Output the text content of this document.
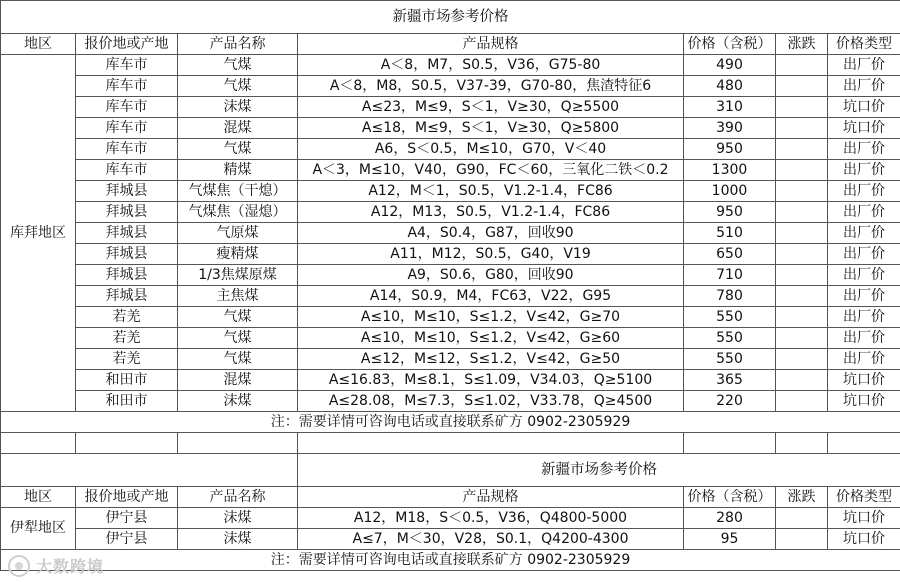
新疆市场参考价格						
地区	报价地或产地	产品名称	产品规格	价格（含税）	涨跌	价格类型
库拜地区	库车市	气煤	A＜8，M7，S0.5，V36，G75-80	490		出厂价
	库车市	气煤	A＜8，M8，S0.5，V37-39，G70-80，焦渣特征6	480		出厂价
	库车市	沫煤	A≤23，M≤9，S＜1，V≥30，Q≥5500	310		坑口价
	库车市	混煤	A≤18，M≤9，S＜1，V≥30，Q≥5800	390		坑口价
	库车市	气煤	A6，S＜0.5，M≤10，G70，V＜40	950		出厂价
	库车市	精煤	A＜3，M≤10，V40，G90，FC＜60，三氧化二铁＜0.2	1300		出厂价
	拜城县	气煤焦（干熄）	A12，M＜1，S0.5，V1.2-1.4，FC86	1000		出厂价
	拜城县	气煤焦（湿熄）	A12，M13，S0.5，V1.2-1.4，FC86	950		出厂价
	拜城县	气原煤	A4，S0.4，G87，回收90	510		出厂价
	拜城县	瘦精煤	A11，M12，S0.5，G40，V19	650		出厂价
	拜城县	1/3焦煤原煤	A9，S0.6，G80，回收90	710		出厂价
	拜城县	主焦煤	A14，S0.9，M4，FC63，V22，G95	780		出厂价
	若羌	气煤	A≤10，M≤10，S≤1.2，V≤42，G≥70	550		出厂价
	若羌	气煤	A≤10，M≤10，S≤1.2，V≤42，G≥60	550		出厂价
	若羌	气煤	A≤12，M≤12，S≤1.2，V≤42，G≥50	550		出厂价
	和田市	混煤	A≤16.83，M≤8.1，S≤1.09，V34.03，Q≥5100	365		坑口价
	和田市	沫煤	A≤28.08，M≤7.3，S≤1.02，V33.78，Q≥4500	220		坑口价
注：需要详情可咨询电话或直接联系矿方 0902-2305929						

			新疆市场参考价格			
地区	报价地或产地	产品名称	产品规格	价格（含税）	涨跌	价格类型
伊犁地区	伊宁县	沫煤	A12，M18，S＜0.5，V36，Q4800-5000	280		坑口价
	伊宁县	沫煤	A≤7，M＜30，V28，S0.1，Q4200-4300	95		坑口价
注：需要详情可咨询电话或直接联系矿方 0902-2305929						
大数跨境
